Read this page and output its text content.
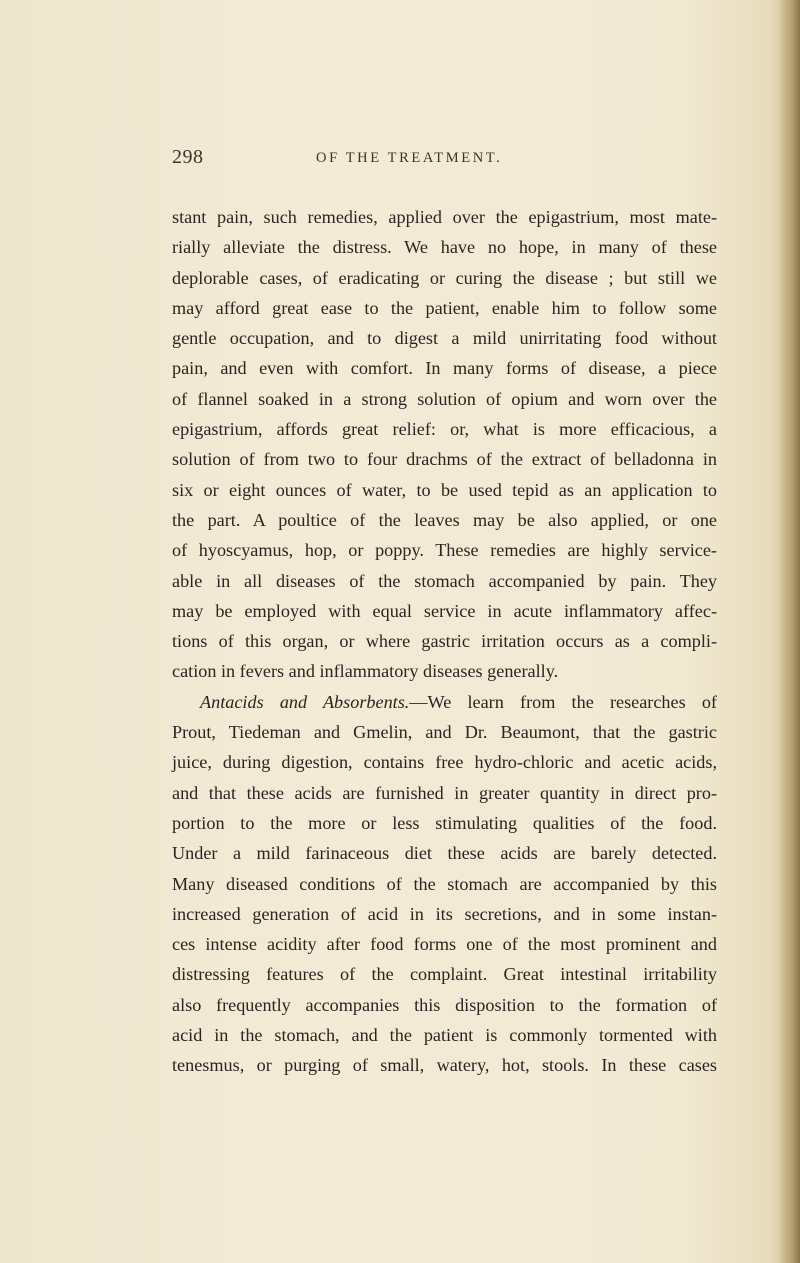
298	OF THE TREATMENT.
stant pain, such remedies, applied over the epigastrium, most mate-
rially alleviate the distress. We have no hope, in many of these
deplorable cases, of eradicating or curing the disease ; but still we
may afford great ease to the patient, enable him to follow some
gentle occupation, and to digest a mild unirritating food without
pain, and even with comfort. In many forms of disease, a piece
of flannel soaked in a strong solution of opium and worn over the
epigastrium, affords great relief: or, what is more efficacious, a
solution of from two to four drachms of the extract of belladonna in
six or eight ounces of water, to be used tepid as an application to
the part. A poultice of the leaves may be also applied, or one
of hyoscyamus, hop, or poppy. These remedies are highly service-
able in all diseases of the stomach accompanied by pain. They
may be employed with equal service in acute inflammatory affec-
tions of this organ, or where gastric irritation occurs as a compli-
cation in fevers and inflammatory diseases generally.
Antacids and Absorbents.—We learn from the researches of
Prout, Tiedeman and Gmelin, and Dr. Beaumont, that the gastric
juice, during digestion, contains free hydro-chloric and acetic acids,
and that these acids are furnished in greater quantity in direct pro-
portion to the more or less stimulating qualities of the food.
Under a mild farinaceous diet these acids are barely detected.
Many diseased conditions of the stomach are accompanied by this
increased generation of acid in its secretions, and in some instan-
ces intense acidity after food forms one of the most prominent and
distressing features of the complaint. Great intestinal irritability
also frequently accompanies this disposition to the formation of
acid in the stomach, and the patient is commonly tormented with
tenesmus, or purging of small, watery, hot, stools. In these cases
